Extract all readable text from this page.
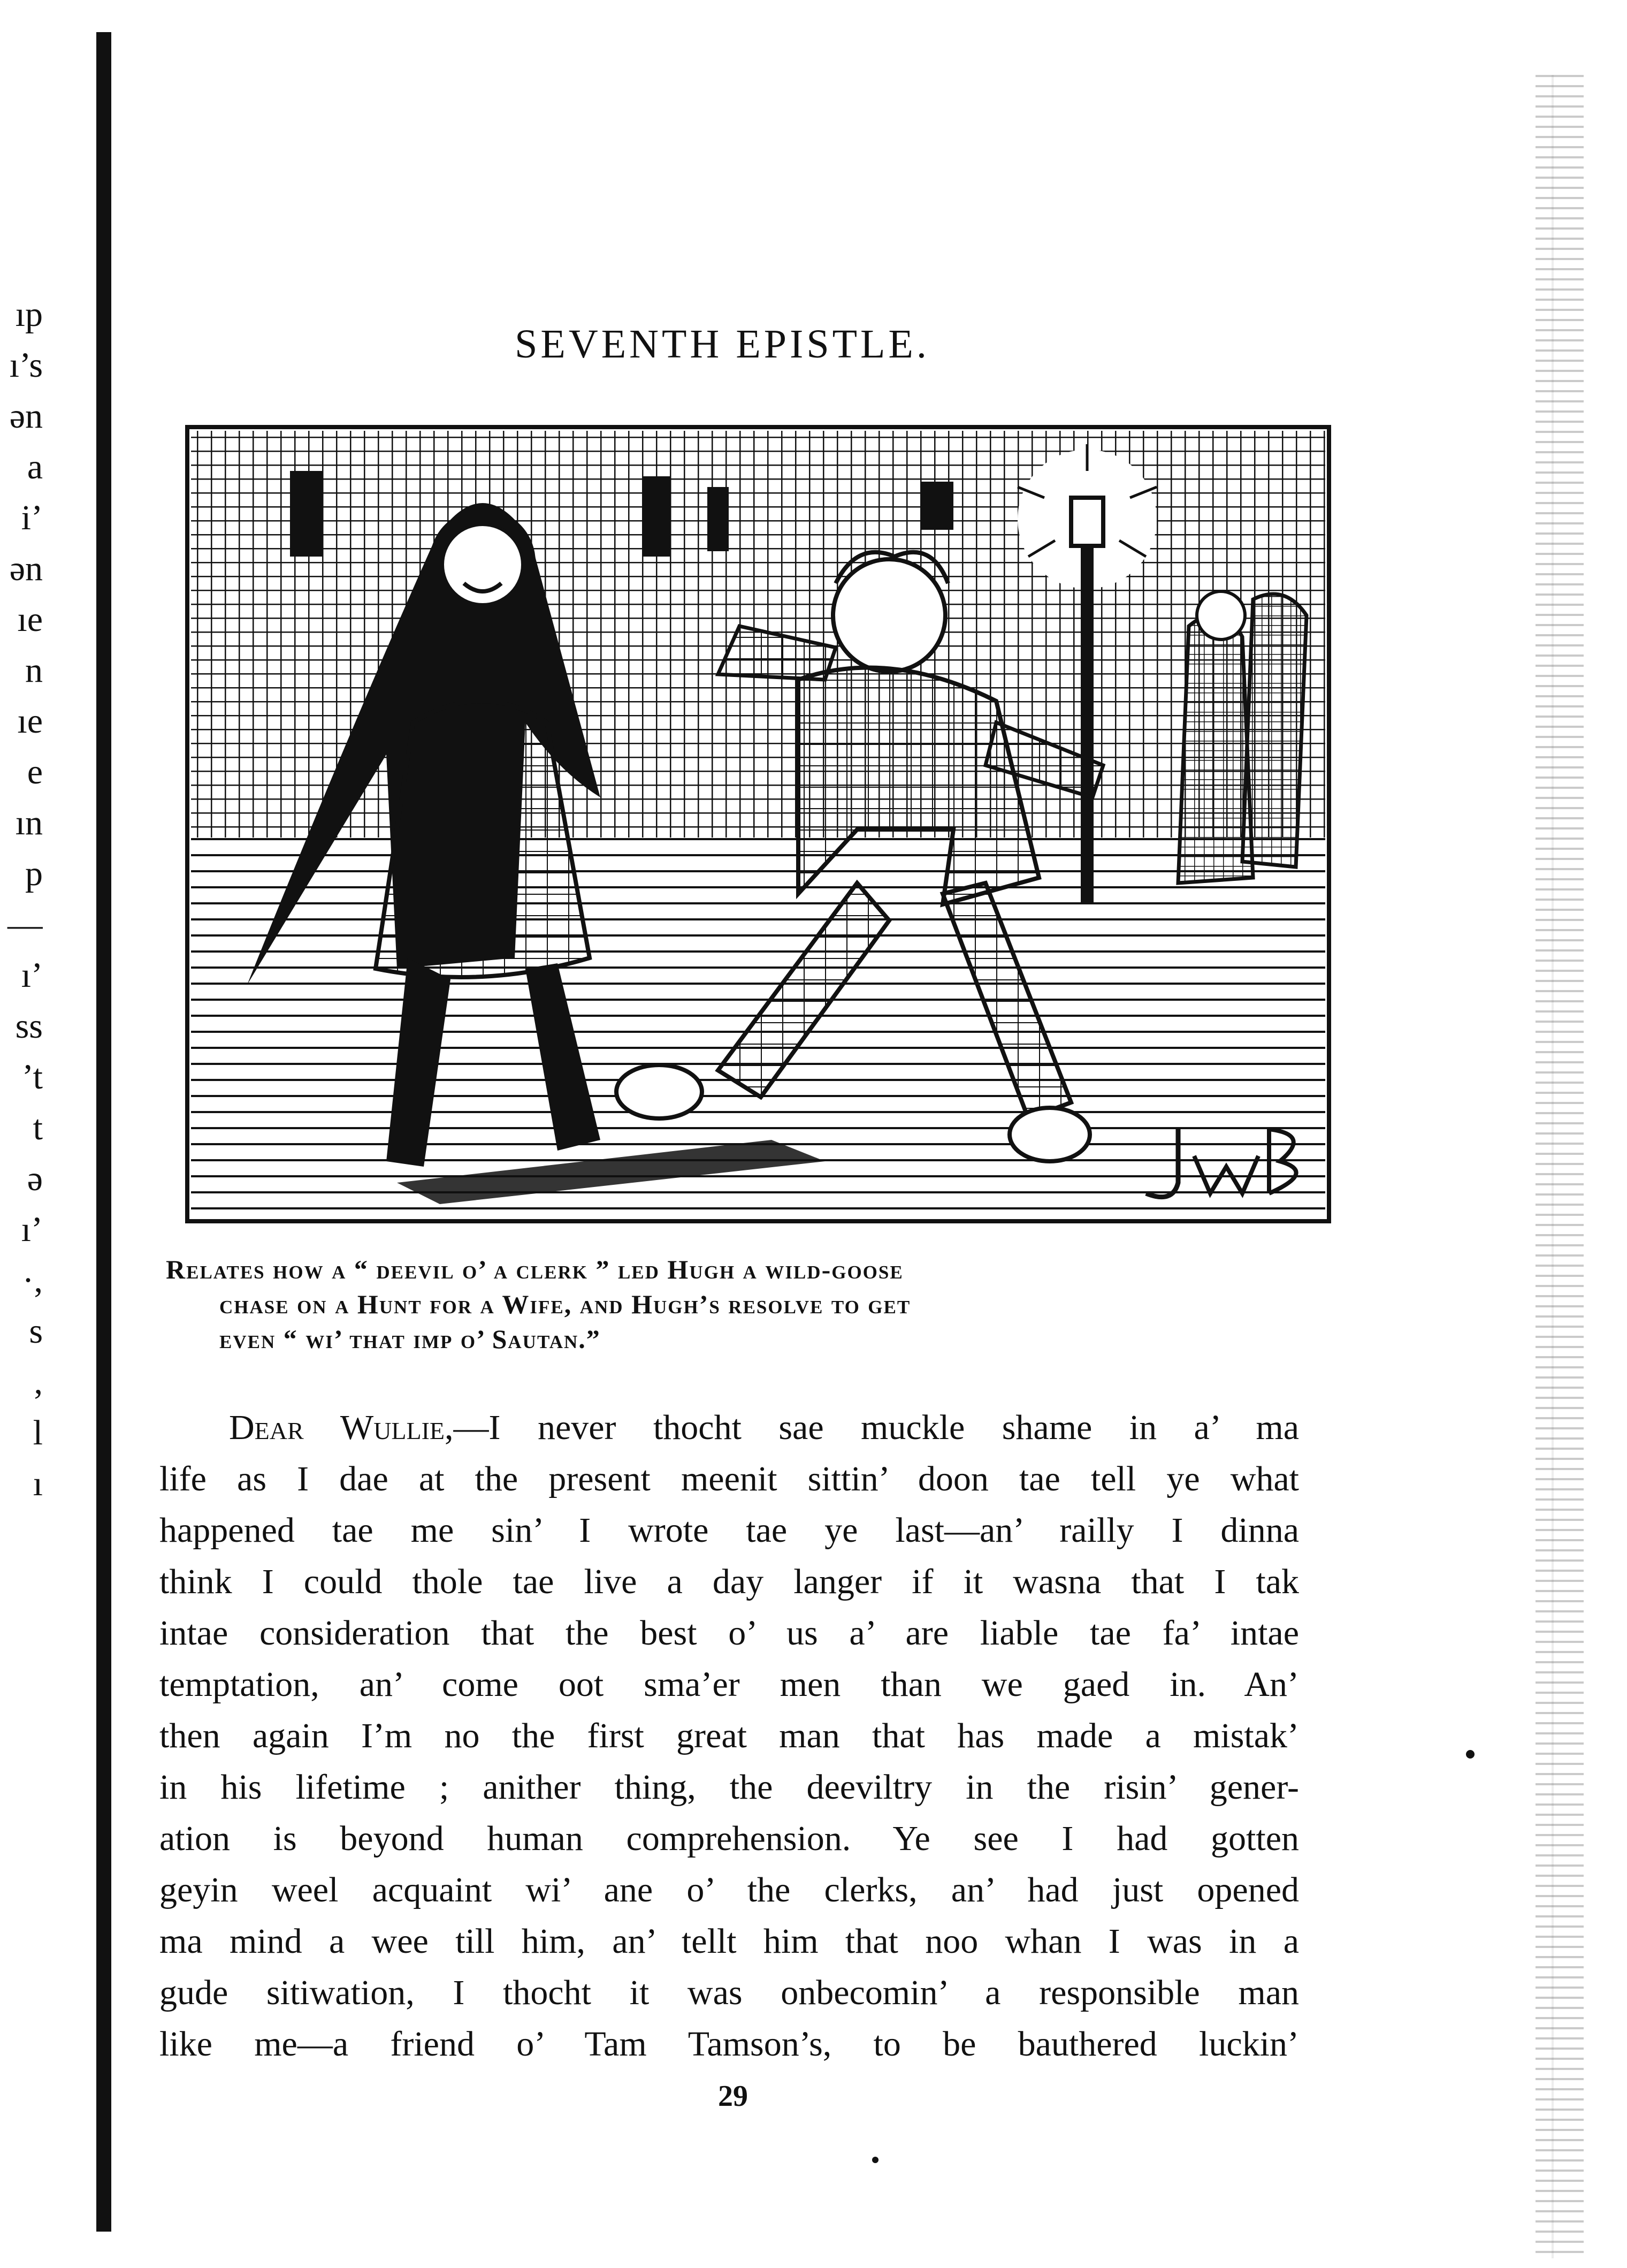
ıp
ı’s
ən
a
i’
ən
ıe
n
ıe
e
ın
p
—
ı’
ss
’t
t
ə
ı’
·,
s
,
l
ı
SEVENTH EPISTLE.
Relates how a “ deevil o’ a clerk ” led Hugh a wild-goose
chase on a Hunt for a Wife, and Hugh’s resolve to get
even “ wi’ that imp o’ Sautan.”
Dear Wullie,—I never thocht sae muckle shame in a’ ma
life as I dae at the present meenit sittin’ doon tae tell ye what
happened tae me sin’ I wrote tae ye last—an’ railly I dinna
think I could thole tae live a day langer if it wasna that I tak
intae consideration that the best o’ us a’ are liable tae fa’ intae
temptation, an’ come oot sma’er men than we gaed in. An’
then again I’m no the first great man that has made a mistak’
in his lifetime ; anither thing, the deeviltry in the risin’ gener-
ation is beyond human comprehension. Ye see I had gotten
geyin weel acquaint wi’ ane o’ the clerks, an’ had just opened
ma mind a wee till him, an’ tellt him that noo whan I was in a
gude sitiwation, I thocht it was onbecomin’ a responsible man
like me—a friend o’ Tam Tamson’s, to be bauthered luckin’
29
